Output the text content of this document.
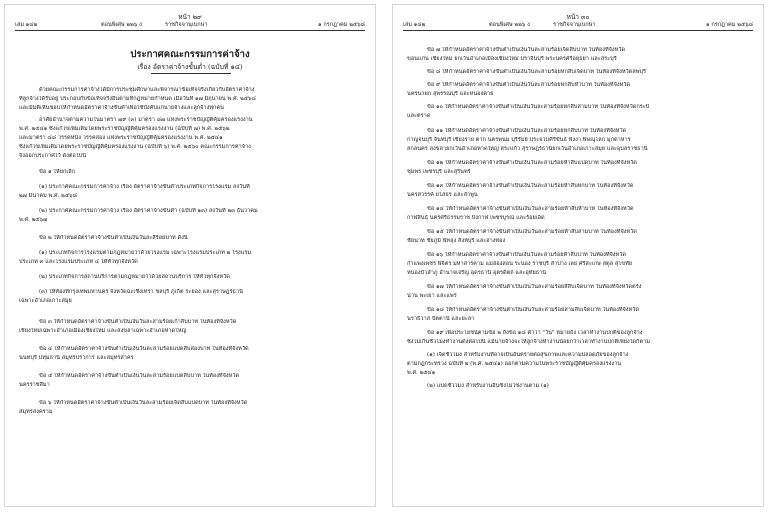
หน้า ๒๙
เล่ม ๑๔๒	ตอนพิเศษ ๒๒๖ ง	ราชกิจจานุเบกษา	๑ กรกฎาคม ๒๕๖๘
ประกาศคณะกรรมการค่าจ้าง
เรื่อง อัตราค่าจ้างขั้นต่ำ (ฉบับที่ ๑๔)
ด้วยคณะกรรมการค่าจ้างได้มีการประชุมศึกษาและพิจารณาข้อเท็จจริงเกี่ยวกับอัตราค่าจ้าง
ที่ลูกจ้างได้รับอยู่ ประกอบกับข้อเท็จจริงอื่นตามที่กฎหมายกำหนด เมื่อวันที่ ๑๗ มิถุนายน พ.ศ. ๒๕๖๘
และมีมติเห็นชอบให้กำหนดอัตราค่าจ้างขั้นต่ำเพื่อใช้บังคับแก่นายจ้างและลูกจ้างทุกคน
อาศัยอำนาจตามความในมาตรา ๗๙ (๓) มาตรา ๘๗ แห่งพระราชบัญญัติคุ้มครองแรงงาน
พ.ศ. ๒๕๔๑ ซึ่งแก้ไขเพิ่มเติมโดยพระราชบัญญัติคุ้มครองแรงงาน (ฉบับที่ ๗) พ.ศ. ๒๕๖๒
และมาตรา ๘๘ วรรคหนึ่ง วรรคสอง แห่งพระราชบัญญัติคุ้มครองแรงงาน พ.ศ. ๒๕๔๑
ซึ่งแก้ไขเพิ่มเติมโดยพระราชบัญญัติคุ้มครองแรงงาน (ฉบับที่ ๖) พ.ศ. ๒๕๖๐ คณะกรรมการค่าจ้าง
จึงออกประกาศไว้ ดังต่อไปนี้
ข้อ ๑ ให้ยกเลิก
(๑) ประกาศคณะกรรมการค่าจ้าง เรื่อง อัตราค่าจ้างขั้นต่ำประเภทกิจการโรงแรม ลงวันที่
๒๗ มีนาคม พ.ศ. ๒๕๖๘
(๒) ประกาศคณะกรรมการค่าจ้าง เรื่อง อัตราค่าจ้างขั้นต่ำ (ฉบับที่ ๑๓) ลงวันที่ ๒๓ ธันวาคม
พ.ศ. ๒๕๖๗
ข้อ ๒ ให้กำหนดอัตราค่าจ้างขั้นต่ำเป็นเงินวันละสี่ร้อยบาท ดังนี้
(๑) ประเภทกิจการโรงแรมตามกฎหมายว่าด้วยโรงแรม เฉพาะโรงแรมประเภท ๒ โรงแรม
ประเภท ๓ และโรงแรมประเภท ๔ ให้ทั่วทุกจังหวัด
(๒) ประเภทกิจการสถานบริการตามกฎหมายว่าด้วยสถานบริการ ให้ทั่วทุกจังหวัด
(๓) ให้ท้องที่กรุงเทพมหานคร จังหวัดฉะเชิงเทรา ชลบุรี ภูเก็ต ระยอง และสุราษฎร์ธานี
เฉพาะอำเภอเกาะสมุย
ข้อ ๓ ให้กำหนดอัตราค่าจ้างขั้นต่ำเป็นเงินวันละสามร้อยเก้าสิบบาท ในท้องที่จังหวัด
เชียงใหม่เฉพาะอำเภอเมืองเชียงใหม่ และสงขลาเฉพาะอำเภอหาดใหญ่
ข้อ ๔ ให้กำหนดอัตราค่าจ้างขั้นต่ำเป็นเงินวันละสามร้อยแปดสิบสองบาท ในท้องที่จังหวัด
นนทบุรี ปทุมธานี สมุทรปราการ และสมุทรสาคร
ข้อ ๕ ให้กำหนดอัตราค่าจ้างขั้นต่ำเป็นเงินวันละสามร้อยแปดสิบบาท ในท้องที่จังหวัด
นครราชสีมา
ข้อ ๖ ให้กำหนดอัตราค่าจ้างขั้นต่ำเป็นเงินวันละสามร้อยเจ็ดสิบแปดบาท ในท้องที่จังหวัด
สมุทรสงคราม
หน้า ๓๐
เล่ม ๑๔๒	ตอนพิเศษ ๒๒๖ ง	ราชกิจจานุเบกษา	๑ กรกฎาคม ๒๕๖๘
ข้อ ๗ ให้กำหนดอัตราค่าจ้างขั้นต่ำเป็นเงินวันละสามร้อยเจ็ดสิบบาท ในท้องที่จังหวัด
ขอนแก่น เชียงใหม่ ยกเว้นอำเภอเมืองเชียงใหม่ ปราจีนบุรี พระนครศรีอยุธยา และสระบุรี
ข้อ ๘ ให้กำหนดอัตราค่าจ้างขั้นต่ำเป็นเงินวันละสามร้อยหกสิบเจ็ดบาท ในท้องที่จังหวัดลพบุรี
ข้อ ๙ ให้กำหนดอัตราค่าจ้างขั้นต่ำเป็นเงินวันละสามร้อยหกสิบห้าบาท ในท้องที่จังหวัด
นครนายก สุพรรณบุรี และหนองคาย
ข้อ ๑๐ ให้กำหนดอัตราค่าจ้างขั้นต่ำเป็นเงินวันละสามร้อยหกสิบสามบาท ในท้องที่จังหวัดกระบี่
และตราด
ข้อ ๑๑ ให้กำหนดอัตราค่าจ้างขั้นต่ำเป็นเงินวันละสามร้อยหกสิบบาท ในท้องที่จังหวัด
กาญจนบุรี จันทบุรี เชียงราย ตาก นครพนม บุรีรัมย์ ประจวบคีรีขันธ์ พังงา พิษณุโลก มุกดาหาร
สกลนคร สงขลายกเว้นอำเภอหาดใหญ่ สระแก้ว สุราษฎร์ธานียกเว้นอำเภอเกาะสมุย และอุบลราชธานี
ข้อ ๑๒ ให้กำหนดอัตราค่าจ้างขั้นต่ำเป็นเงินวันละสามร้อยห้าสิบแปดบาท ในท้องที่จังหวัด
ชุมพร เพชรบุรี และสุรินทร์
ข้อ ๑๓ ให้กำหนดอัตราค่าจ้างขั้นต่ำเป็นเงินวันละสามร้อยห้าสิบหกบาท ในท้องที่จังหวัด
นครสวรรค์ ยโสธร และลำพูน
ข้อ ๑๔ ให้กำหนดอัตราค่าจ้างขั้นต่ำเป็นเงินวันละสามร้อยห้าสิบห้าบาท ในท้องที่จังหวัด
กาฬสินธุ์ นครศรีธรรมราช บึงกาฬ เพชรบูรณ์ และร้อยเอ็ด
ข้อ ๑๕ ให้กำหนดอัตราค่าจ้างขั้นต่ำเป็นเงินวันละสามร้อยห้าสิบสามบาท ในท้องที่จังหวัด
ชัยนาท ชัยภูมิ พัทลุง สิงห์บุรี และอ่างทอง
ข้อ ๑๖ ให้กำหนดอัตราค่าจ้างขั้นต่ำเป็นเงินวันละสามร้อยห้าสิบบาท ในท้องที่จังหวัด
กำแพงเพชร พิจิตร มหาสารคาม แม่ฮ่องสอน ระนอง ราชบุรี ลำปาง เลย ศรีสะเกษ สตูล สุโขทัย
หนองบัวลำภู อำนาจเจริญ อุดรธานี อุตรดิตถ์ และอุทัยธานี
ข้อ ๑๗ ให้กำหนดอัตราค่าจ้างขั้นต่ำเป็นเงินวันละสามร้อยสี่สิบเจ็ดบาท ในท้องที่จังหวัดตรัง
น่าน พะเยา และแพร่
ข้อ ๑๘ ให้กำหนดอัตราค่าจ้างขั้นต่ำเป็นเงินวันละสามร้อยสามสิบเจ็ดบาท ในท้องที่จังหวัด
นราธิวาส ปัตตานี และยะลา
ข้อ ๑๙ เพื่อประโยชน์ตามข้อ ๒ ถึงข้อ ๑๘ คำว่า "วัน" หมายถึง เวลาทำงานปกติของลูกจ้าง
ซึ่งไม่เกินชั่วโมงทำงานดังต่อไปนี้ แม้นายจ้างจะให้ลูกจ้างทำงานน้อยกว่าเวลาทำงานปกติเพียงใดก็ตาม
(๑) เจ็ดชั่วโมง สำหรับงานที่อาจเป็นอันตรายต่อสุขภาพและความปลอดภัยของลูกจ้าง
ตามกฎกระทรวง ฉบับที่ ๒ (พ.ศ. ๒๕๔๑) ออกตามความในพระราชบัญญัติคุ้มครองแรงงาน
พ.ศ. ๒๕๔๑
(๒) แปดชั่วโมง สำหรับงานอื่นซึ่งไม่ใช่งานตาม (๑)
